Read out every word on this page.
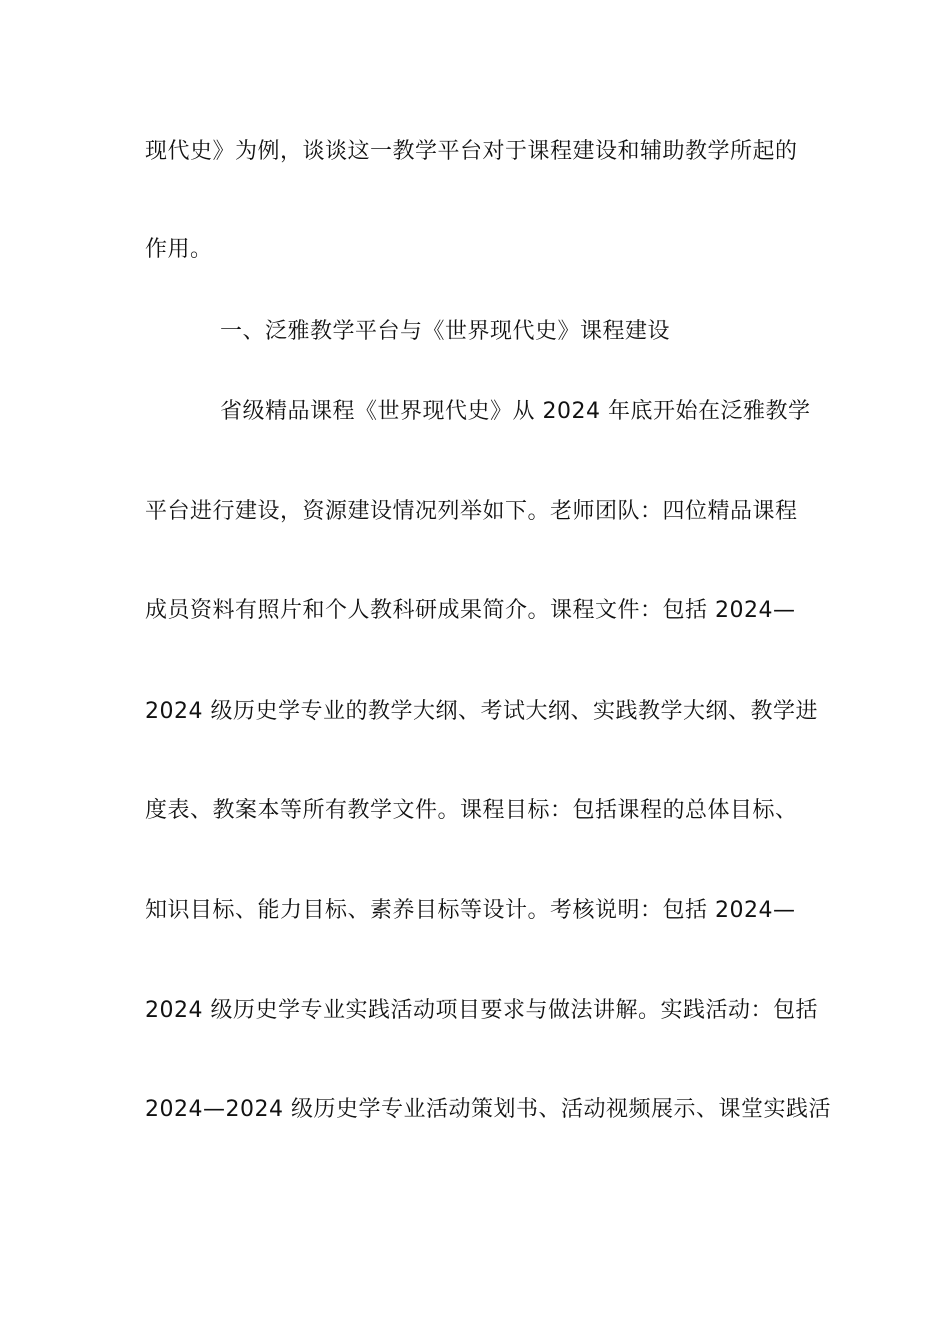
现代史》为例，谈谈这一教学平台对于课程建设和辅助教学所起的
作用。
一、泛雅教学平台与《世界现代史》课程建设
省级精品课程《世界现代史》从 2024 年底开始在泛雅教学
平台进行建设，资源建设情况列举如下。老师团队：四位精品课程
成员资料有照片和个人教科研成果简介。课程文件：包括 2024—
2024 级历史学专业的教学大纲、考试大纲、实践教学大纲、教学进
度表、教案本等所有教学文件。课程目标：包括课程的总体目标、
知识目标、能力目标、素养目标等设计。考核说明：包括 2024—
2024 级历史学专业实践活动项目要求与做法讲解。实践活动：包括
2024—2024 级历史学专业活动策划书、活动视频展示、课堂实践活
